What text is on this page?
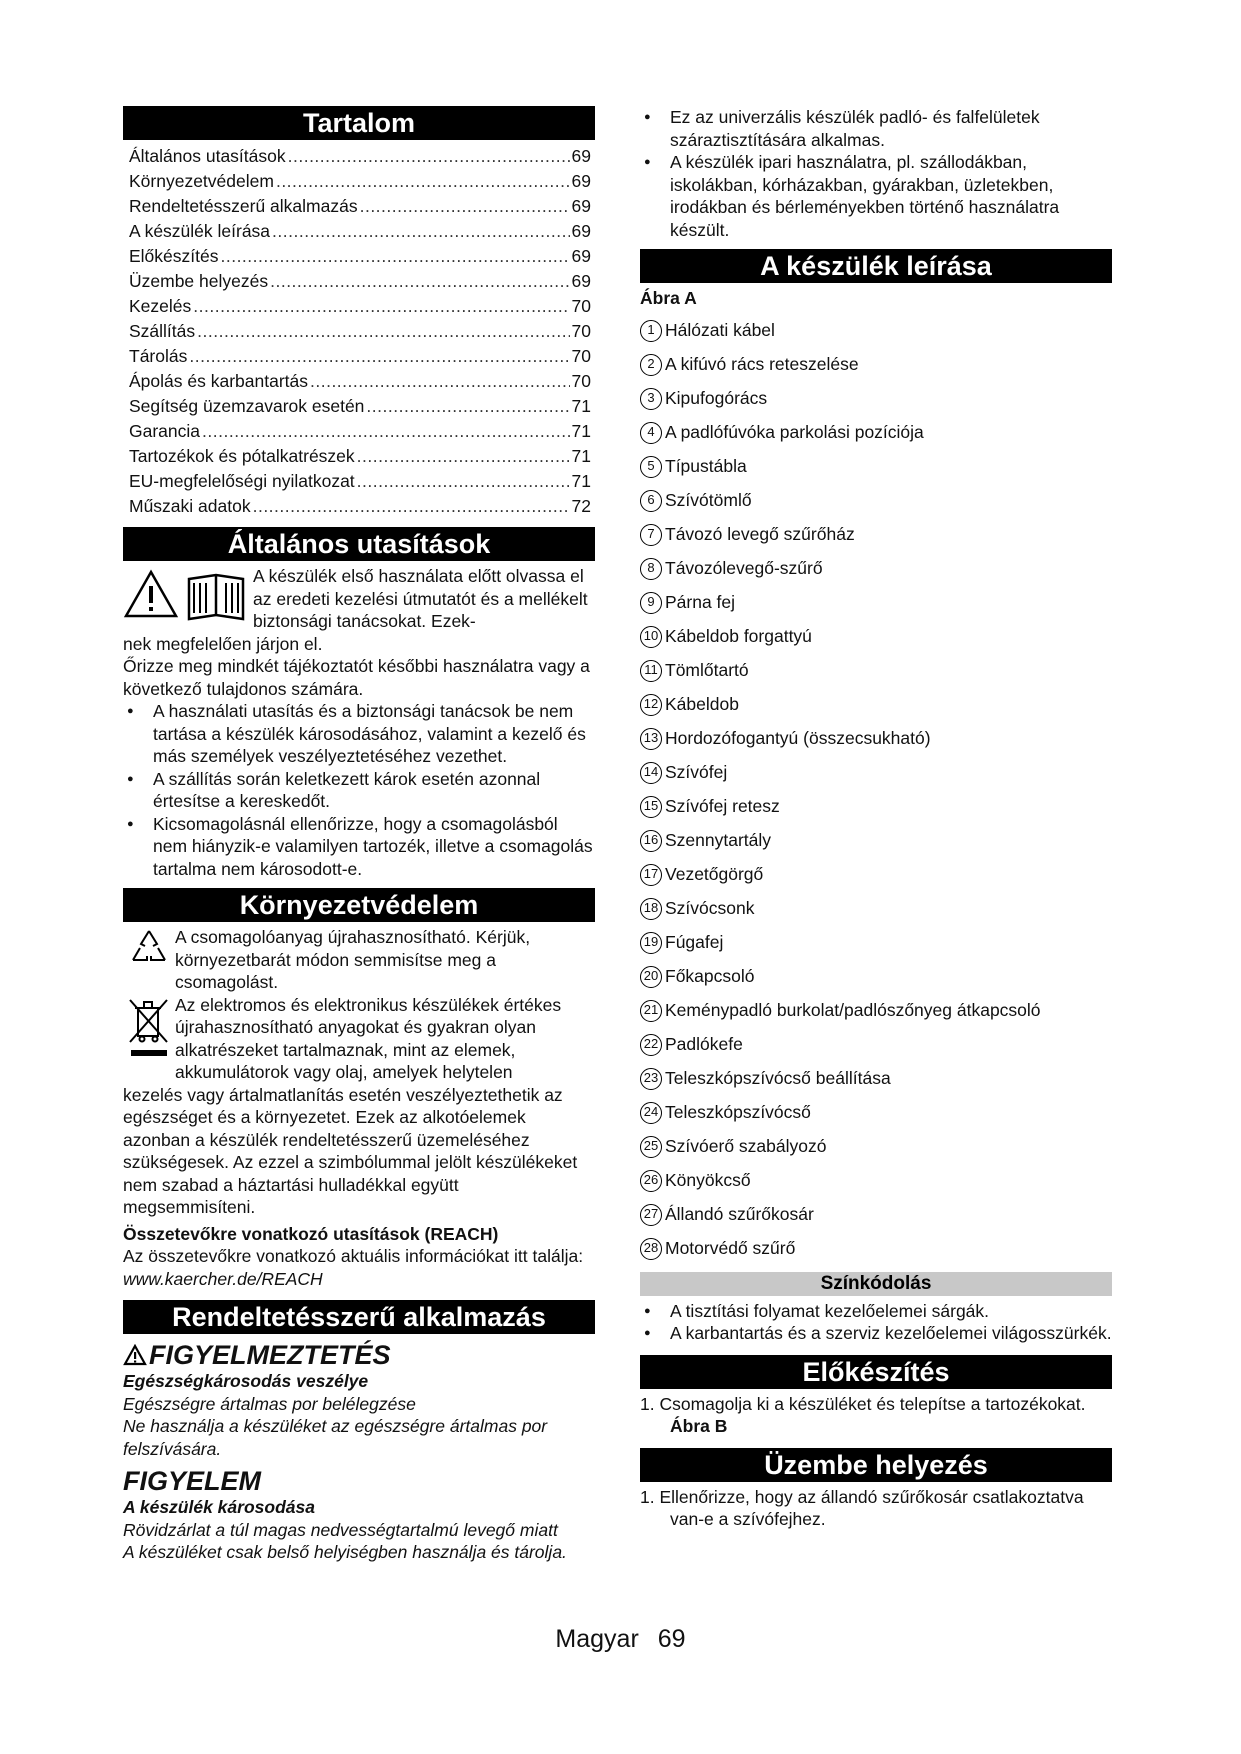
Tartalom
Általános utasítások .....	69
Környezetvédelem .....	69
Rendeltetésszerű alkalmazás .....	69
A készülék leírása .....	69
Előkészítés .....	69
Üzembe helyezés .....	69
Kezelés .....	70
Szállítás .....	70
Tárolás .....	70
Ápolás és karbantartás .....	70
Segítség üzemzavarok esetén .....	71
Garancia .....	71
Tartozékok és pótalkatrészek .....	71
EU-megfelelőségi nyilatkozat .....	71
Műszaki adatok .....	72
Általános utasítások

A készülék első használata előtt olvassa el az eredeti kezelési útmutatót és a mellékelt biztonsági tanácsokat. Ezek-

nek megfelelően járjon el.

Őrizze meg mindkét tájékoztatót későbbi használatra vagy a következő tulajdonos számára.

● A használati utasítás és a biztonsági tanácsok be nem tartása a készülék károsodásához, valamint a kezelő és más személyek veszélyeztetéséhez vezethet.
● A szállítás során keletkezett károk esetén azonnal értesítse a kereskedőt.
● Kicsomagolásnál ellenőrizze, hogy a csomagolásból nem hiányzik-e valamilyen tartozék, illetve a csomagolás tartalma nem károsodott-e.
Környezetvédelem

A csomagolóanyag újrahasznosítható. Kérjük, környezetbarát módon semmisítse meg a csomagolást.

Az elektromos és elektronikus készülékek értékes újrahasznosítható anyagokat és gyakran olyan alkatrészeket tartalmaznak, mint az elemek, akkumulátorok vagy olaj, amelyek helytelen

kezelés vagy ártalmatlanítás esetén veszélyeztethetik az egészséget és a környezetet. Ezek az alkotóelemek azonban a készülék rendeltetésszerű üzemeléséhez szükségesek. Az ezzel a szimbólummal jelölt készülékeket nem szabad a háztartási hulladékkal együtt megsemmisíteni.

Összetevőkre vonatkozó utasítások (REACH)

Az összetevőkre vonatkozó aktuális információkat itt találja: www.kaercher.de/REACH

Rendeltetésszerű alkalmazás
FIGYELMEZTETÉS

Egészségkárosodás veszélye

Egészségre ártalmas por belélegzése

Ne használja a készüléket az egészségre ártalmas por felszívására.

FIGYELEM

A készülék károsodása

Rövidzárlat a túl magas nedvességtartalmú levegő miatt

A készüléket csak belső helyiségben használja és tárolja.

● Ez az univerzális készülék padló- és falfelületek száraztisztítására alkalmas.
● A készülék ipari használatra, pl. szállodákban, iskolákban, kórházakban, gyárakban, üzletekben, irodákban és bérleményekben történő használatra készült.
A készülék leírása

Ábra A

1 Hálózati kábel
2 A kifúvó rács reteszelése
3 Kipufogórács
4 A padlófúvóka parkolási pozíciója
5 Típustábla
6 Szívótömlő
7 Távozó levegő szűrőház
8 Távozólevegő-szűrő
9 Párna fej
10 Kábeldob forgattyú
11 Tömlőtartó
12 Kábeldob
13 Hordozófogantyú (összecsukható)
14 Szívófej
15 Szívófej retesz
16 Szennytartály
17 Vezetőgörgő
18 Szívócsonk
19 Fúgafej
20 Főkapcsoló
21 Keménypadló burkolat/padlószőnyeg átkapcsoló
22 Padlókefe
23 Teleszkópszívócső beállítása
24 Teleszkópszívócső
25 Szívóerő szabályozó
26 Könyökcső
27 Állandó szűrőkosár
28 Motorvédő szűrő
Színkódolás
● A tisztítási folyamat kezelőelemei sárgák.
● A karbantartás és a szerviz kezelőelemei világosszürkék.
Előkészítés

1. Csomagolja ki a készüléket és telepítse a tartozékokat.

Ábra B

Üzembe helyezés

1. Ellenőrizze, hogy az állandó szűrőkosár csatlakoztatva van-e a szívófejhez.

Magyar 69
